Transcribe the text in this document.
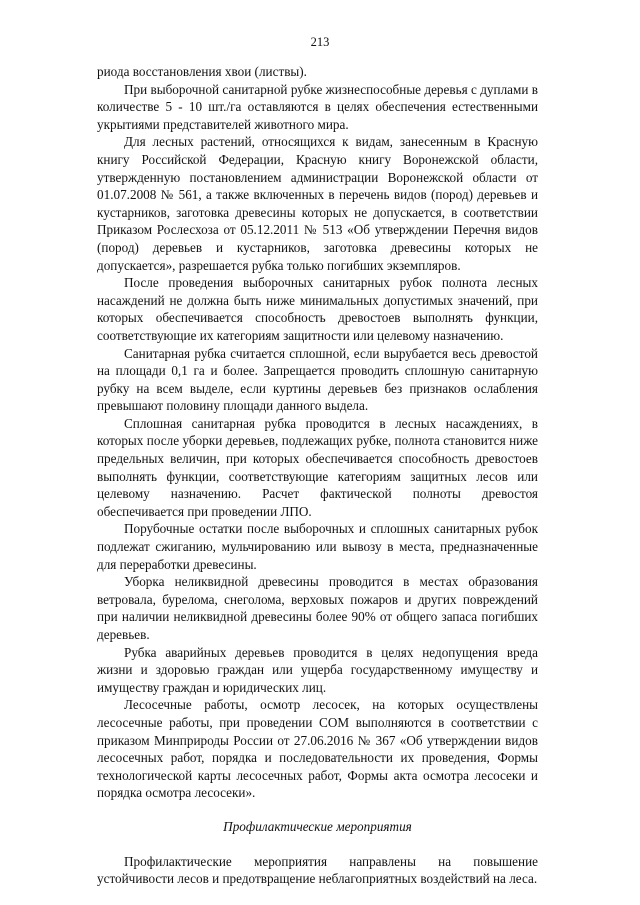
213

риода восстановления хвои (листвы).

При выборочной санитарной рубке жизнеспособные деревья с дуплами в количестве 5 - 10 шт./га оставляются в целях обеспечения естественными укрытиями представителей животного мира.

Для лесных растений, относящихся к видам, занесенным в Красную книгу Российской Федерации, Красную книгу Воронежской области, утвержденную постановлением администрации Воронежской области от 01.07.2008 № 561, а также включенных в перечень видов (пород) деревьев и кустарников, заготовка древесины которых не допускается, в соответствии Приказом Рослесхоза от 05.12.2011 № 513 «Об утверждении Перечня видов (пород) деревьев и кустарников, заготовка древесины которых не допускается», разрешается рубка только погибших экземпляров.

После проведения выборочных санитарных рубок полнота лесных насаждений не должна быть ниже минимальных допустимых значений, при которых обеспечивается способность древостоев выполнять функции, соответствующие их категориям защитности или целевому назначению.

Санитарная рубка считается сплошной, если вырубается весь древостой на площади 0,1 га и более. Запрещается проводить сплошную санитарную рубку на всем выделе, если куртины деревьев без признаков ослабления превышают половину площади данного выдела.

Сплошная санитарная рубка проводится в лесных насаждениях, в которых после уборки деревьев, подлежащих рубке, полнота становится ниже предельных величин, при которых обеспечивается способность древостоев выполнять функции, соответствующие категориям защитных лесов или целевому назначению. Расчет фактической полноты древостоя обеспечивается при проведении ЛПО.

Порубочные остатки после выборочных и сплошных санитарных рубок подлежат сжиганию, мульчированию или вывозу в места, предназначенные для переработки древесины.

Уборка неликвидной древесины проводится в местах образования ветровала, бурелома, снеголома, верховых пожаров и других повреждений при наличии неликвидной древесины более 90% от общего запаса погибших деревьев.

Рубка аварийных деревьев проводится в целях недопущения вреда жизни и здоровью граждан или ущерба государственному имуществу и имуществу граждан и юридических лиц.

Лесосечные работы, осмотр лесосек, на которых осуществлены лесосечные работы, при проведении СОМ выполняются в соответствии с приказом Минприроды России от 27.06.2016 № 367 «Об утверждении видов лесосечных работ, порядка и последовательности их проведения, Формы технологической карты лесосечных работ, Формы акта осмотра лесосеки и порядка осмотра лесосеки».

Профилактические мероприятия

Профилактические мероприятия направлены на повышение устойчивости лесов и предотвращение неблагоприятных воздействий на леса.
